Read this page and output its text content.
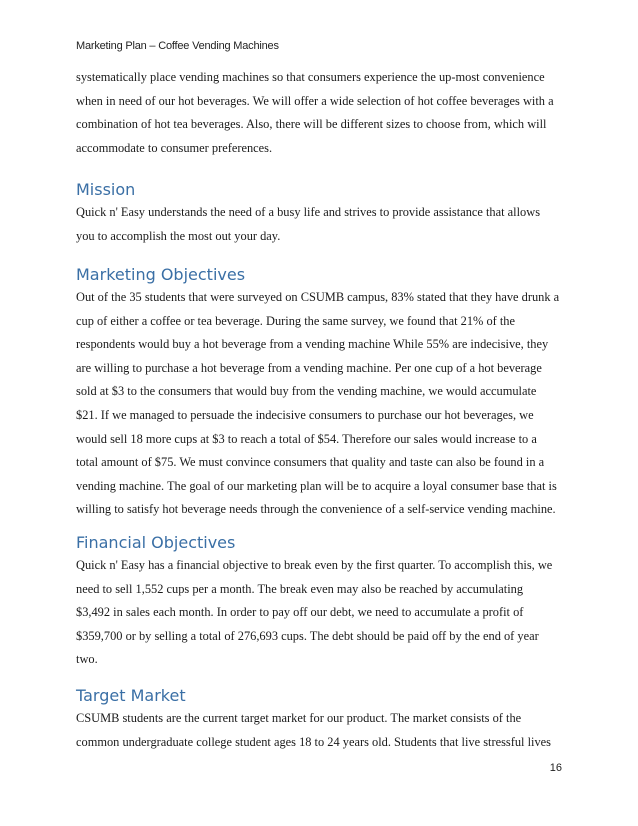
Marketing Plan – Coffee Vending Machines

systematically place vending machines so that consumers experience the up-most convenience
when in need of our hot beverages. We will offer a wide selection of hot coffee beverages with a
combination of hot tea beverages. Also, there will be different sizes to choose from, which will
accommodate to consumer preferences.

Mission

Quick n' Easy understands the need of a busy life and strives to provide assistance that allows
you to accomplish the most out your day.

Marketing Objectives

Out of the 35 students that were surveyed on CSUMB campus, 83% stated that they have drunk a
cup of either a coffee or tea beverage. During the same survey, we found that 21% of the
respondents would buy a hot beverage from a vending machine While 55% are indecisive, they
are willing to purchase a hot beverage from a vending machine. Per one cup of a hot beverage
sold at $3 to the consumers that would buy from the vending machine, we would accumulate
$21. If we managed to persuade the indecisive consumers to purchase our hot beverages, we
would sell 18 more cups at $3 to reach a total of $54. Therefore our sales would increase to a
total amount of $75. We must convince consumers that quality and taste can also be found in a
vending machine. The goal of our marketing plan will be to acquire a loyal consumer base that is
willing to satisfy hot beverage needs through the convenience of a self-service vending machine.

Financial Objectives

Quick n' Easy has a financial objective to break even by the first quarter. To accomplish this, we
need to sell 1,552 cups per a month. The break even may also be reached by accumulating
$3,492 in sales each month. In order to pay off our debt, we need to accumulate a profit of
$359,700 or by selling a total of 276,693 cups. The debt should be paid off by the end of year
two.

Target Market

CSUMB students are the current target market for our product. The market consists of the
common undergraduate college student ages 18 to 24 years old. Students that live stressful lives

16
